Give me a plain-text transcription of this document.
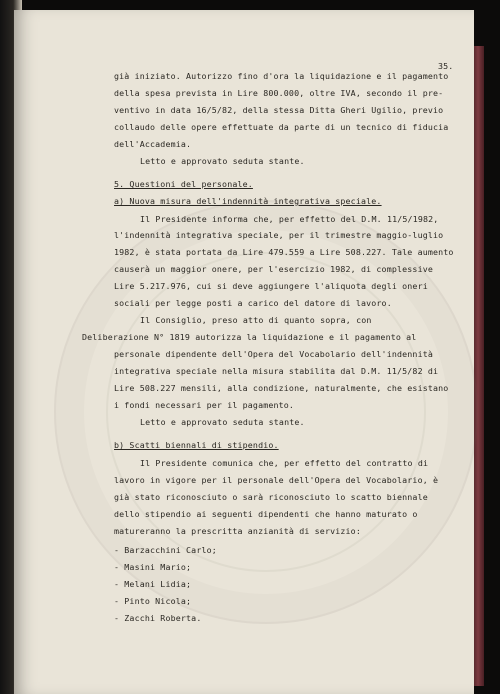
35.
già iniziato. Autorizzo fino d'ora la liquidazione e il pagamento
della spesa prevista in Lire 800.000, oltre IVA, secondo il pre-
ventivo in data 16/5/82, della stessa Ditta Gheri Ugilio, previo
collaudo delle opere effettuate da parte di un tecnico di fiducia
dell'Accademia.
Letto e approvato seduta stante.
5. Questioni del personale.
a) Nuova misura dell'indennità integrativa speciale.
Il Presidente informa che, per effetto del D.M. 11/5/1982,
l'indennità integrativa speciale, per il trimestre maggio-luglio
1982, è stata portata da Lire 479.559 a Lire 508.227. Tale aumento
causerà un maggior onere, per l'esercizio 1982, di complessive
Lire 5.217.976, cui si deve aggiungere l'aliquota degli oneri
sociali per legge posti a carico del datore di lavoro.
Il Consiglio, preso atto di quanto sopra, con
Deliberazione N° 1819 autorizza la liquidazione e il pagamento al
personale dipendente dell'Opera del Vocabolario dell'indennità
integrativa speciale nella misura stabilita dal D.M. 11/5/82 di
Lire 508.227 mensili, alla condizione, naturalmente, che esistano
i fondi necessari per il pagamento.
Letto e approvato seduta stante.
b) Scatti biennali di stipendio.
Il Presidente comunica che, per effetto del contratto di
lavoro in vigore per il personale dell'Opera del Vocabolario, è
già stato riconosciuto o sarà riconosciuto lo scatto biennale
dello stipendio ai seguenti dipendenti che hanno maturato o
matureranno la prescritta anzianità di servizio:
- Barzacchini Carlo;
- Masini Mario;
- Melani Lidia;
- Pinto Nicola;
- Zacchi Roberta.
